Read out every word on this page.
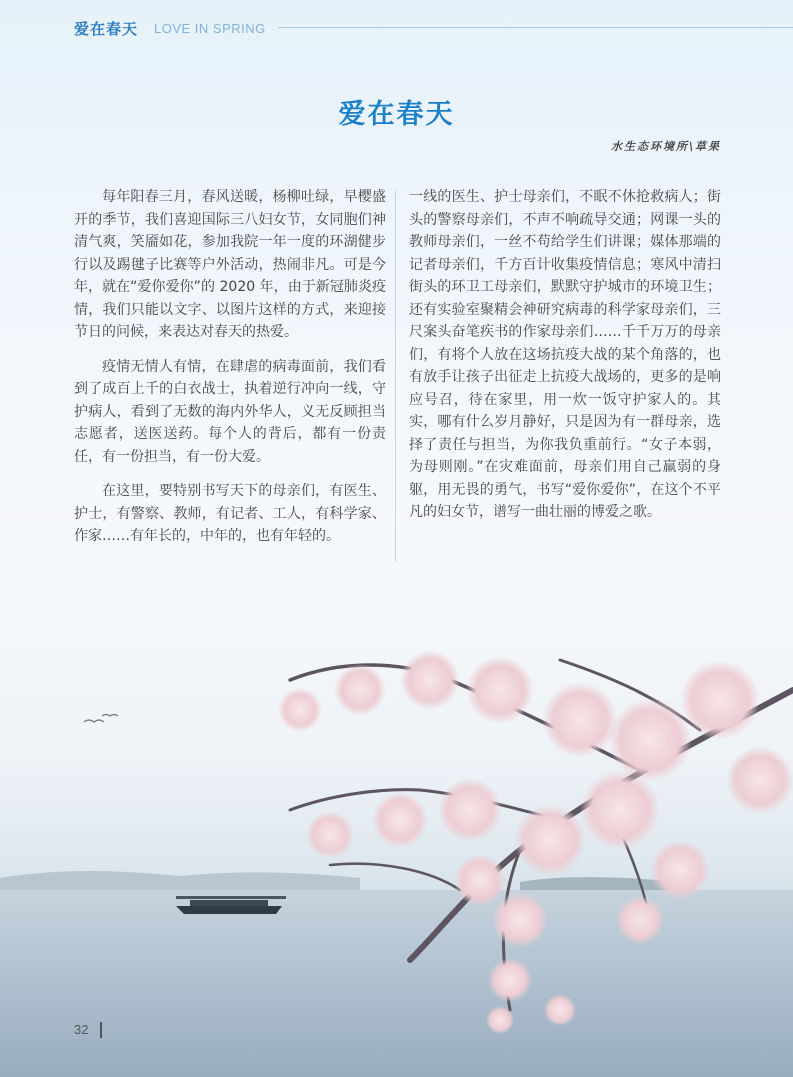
爱在春天 LOVE IN SPRING
爱在春天
水生态环境所\草果

每年阳春三月，春风送暖，杨柳吐绿，早樱盛开的季节，我们喜迎国际三八妇女节，女同胞们神清气爽，笑靥如花，参加我院一年一度的环湖健步行以及踢毽子比赛等户外活动，热闹非凡。可是今年，就在“爱你爱你”的 2020 年，由于新冠肺炎疫情，我们只能以文字、以图片这样的方式，来迎接节日的问候，来表达对春天的热爱。

疫情无情人有情，在肆虐的病毒面前，我们看到了成百上千的白衣战士，执着逆行冲向一线，守护病人，看到了无数的海内外华人，义无反顾担当志愿者，送医送药。每个人的背后，都有一份责任，有一份担当，有一份大爱。

在这里，要特别书写天下的母亲们，有医生、护士，有警察、教师，有记者、工人，有科学家、作家……有年长的，中年的，也有年轻的。

一线的医生、护士母亲们，不眠不休抢救病人；街头的警察母亲们，不声不响疏导交通；网课一头的教师母亲们，一丝不苟给学生们讲课；媒体那端的记者母亲们，千方百计收集疫情信息；寒风中清扫街头的环卫工母亲们，默默守护城市的环境卫生；还有实验室聚精会神研究病毒的科学家母亲们，三尺案头奋笔疾书的作家母亲们……千千万万的母亲们，有将个人放在这场抗疫大战的某个角落的，也有放手让孩子出征走上抗疫大战场的，更多的是响应号召，待在家里，用一炊一饭守护家人的。其实，哪有什么岁月静好，只是因为有一群母亲，选择了责任与担当，为你我负重前行。“女子本弱，为母则刚。”在灾难面前，母亲们用自己羸弱的身躯，用无畏的勇气，书写“爱你爱你”，在这个不平凡的妇女节，谱写一曲壮丽的博爱之歌。

32
